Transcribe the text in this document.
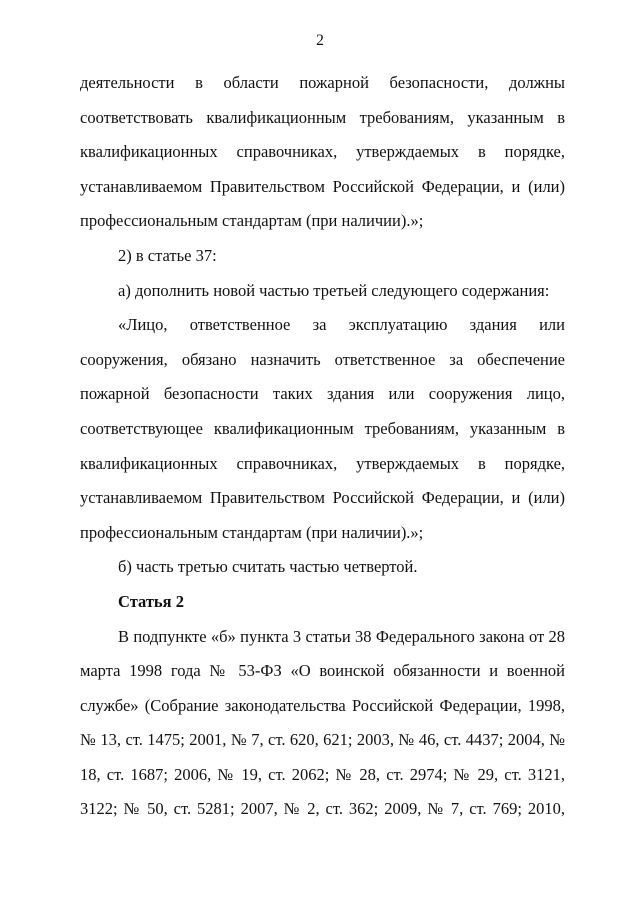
2

деятельности в области пожарной безопасности, должны соответствовать квалификационным требованиям, указанным в квалификационных справочниках, утверждаемых в порядке, устанавливаемом Правительством Российской Федерации, и (или) профессиональным стандартам (при наличии).»;

2) в статье 37:

а) дополнить новой частью третьей следующего содержания:

«Лицо, ответственное за эксплуатацию здания или сооружения, обязано назначить ответственное за обеспечение пожарной безопасности таких здания или сооружения лицо, соответствующее квалификационным требованиям, указанным в квалификационных справочниках, утверждаемых в порядке, устанавливаемом Правительством Российской Федерации, и (или) профессиональным стандартам (при наличии).»;

б) часть третью считать частью четвертой.

Статья 2

В подпункте «б» пункта 3 статьи 38 Федерального закона от 28 марта 1998 года № 53-ФЗ «О воинской обязанности и военной службе» (Собрание законодательства Российской Федерации, 1998, № 13, ст. 1475; 2001, № 7, ст. 620, 621; 2003, № 46, ст. 4437; 2004, № 18, ст. 1687; 2006, № 19, ст. 2062; № 28, ст. 2974; № 29, ст. 3121, 3122; № 50, ст. 5281; 2007, № 2, ст. 362; 2009, № 7, ст. 769; 2010,
